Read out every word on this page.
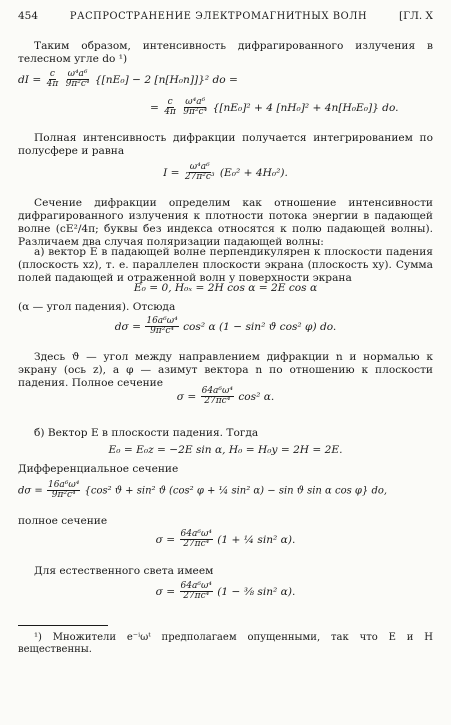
454	РАСПРОСТРАНЕНИЕ ЭЛЕКТРОМАГНИТНЫХ ВОЛН	[ГЛ. X
Таким образом, интенсивность дифрагированного излучения в телесном угле do ¹)
dI = $\frac{c}{4\pi}$
$\frac{\text{ω⁴a⁶}}{\text{9π²c⁴}} \{[nE_0] - 2$ [n[H₀n]]}² do =
= $\frac{c}{4\pi}$
$\frac{\text{ω⁴a⁶}}{\text{9π²c⁴}} \{[nE_0]^2 + 4$ [nH₀]² + 4n[H₀E₀]} do.
Полная интенсивность дифракции получается интегрированием по полусфере и равна
$I = \frac{\text{ω⁴a⁶}}{\text{27π²c³}} (E_0^2 + 4H_0^2)$.
Сечение дифракции определим как отношение интенсивности дифрагированного излучения к плотности потока энергии в падающей волне (cE²/4π; буквы без индекса относятся к полю падающей волны). Различаем два случая поляризации падающей волны:
а) вектор E в падающей волне перпендикулярен к плоскости падения (плоскость xz), т. е. параллелен плоскости экрана (плоскость xy). Сумма полей падающей и отраженной волн у поверхности экрана
E₀ = 0, H₀ₓ = 2H cos α = 2E cos α
(α — угол падения). Отсюда
$d\sigma = \frac{\text{16a⁶ω⁴}}{\text{9π²c⁴}} \cos^2$ α (1 − sin² ϑ cos² φ) do.
Здесь ϑ — угол между направлением дифракции n и нормалью к экрану (ось z), а φ — азимут вектора n по отношению к плоскости падения. Полное сечение
$\sigma = \frac{\text{64a⁶ω⁴}}{\text{27πc⁴}} \cos^2$ α.
б) Вектор E в плоскости падения. Тогда
E₀ = E₀z = −2E sin α, H₀ = H₀y = 2H = 2E.
Дифференциальное сечение
$d\sigma = \frac{\text{16a⁶ω⁴}}{\text{9π²c⁴}} \{\cos^2$ ϑ + sin² ϑ (cos² φ + ¼ sin² α) − sin ϑ sin α cos φ} do,
полное сечение
$\sigma = \frac{\text{64a⁶ω⁴}}{\text{27πc⁴}} (1$ + ¼ sin² α).
Для естественного света имеем
$\sigma = \frac{\text{64a⁶ω⁴}}{\text{27πc⁴}} (1$ − ⅜ sin² α).
¹) Множители e⁻ⁱωᵗ предполагаем опущенными, так что E и H вещественны.
